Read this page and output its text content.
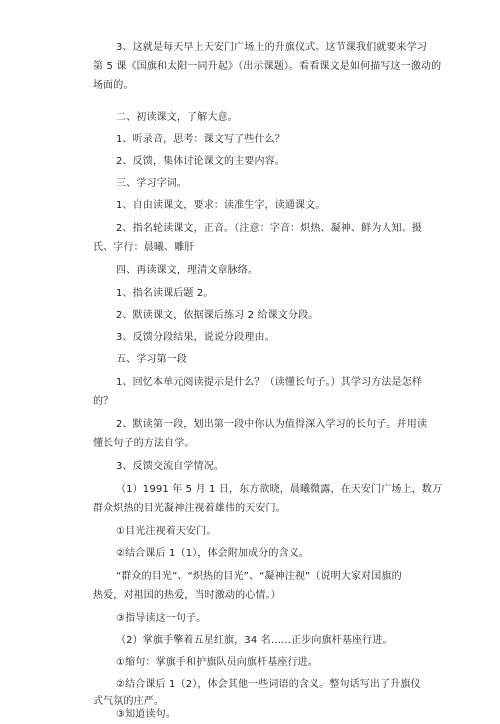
3、这就是每天早上天安门广场上的升旗仪式。这节课我们就要来学习
第 5 课《国旗和太阳一同升起》（出示课题）。看看课文是如何描写这一激动的
场面的。
二、初读课文，了解大意。
1、听录音，思考：课文写了些什么？
2、反馈，集体讨论课文的主要内容。
三、学习字词。
1、自由读课文，要求：读准生字，读通课文。
2、指名轮读课文，正音。（注意：字音：炽热、凝神、鲜为人知、摄
氏、字行：晨曦、雕肝
四、再读课文，理清文章脉络。
1、指名读课后题 2。
2、默读课文，依据课后练习 2 给课文分段。
3、反馈分段结果，说说分段理由。
五、学习第一段
1、回忆本单元阅读提示是什么？（读懂长句子。）其学习方法是怎样
的？
2、默读第一段，划出第一段中你认为值得深入学习的长句子。并用读
懂长句子的方法自学。
3、反馈交流自学情况。
（1）1991 年 5 月 1 日，东方欲晓，晨曦微露，在天安门广场上，数万
群众炽热的目光凝神注视着雄伟的天安门。
①目光注视着天安门。
②结合课后 1（1），体会附加成分的含义。
“群众的目光”、“炽热的目光”、“凝神注视”（说明大家对国旗的
热爱，对祖国的热爱，当时激动的心情。）
③指导读这一句子。
（2）掌旗手擎着五星红旗，34 名……正步向旗杆基座行进。
①缩句：掌旗手和护旗队员向旗杆基座行进。
②结合课后 1（2），体会其他一些词语的含义。整句话写出了升旗仪
式气氛的庄严。
③知道读句。
